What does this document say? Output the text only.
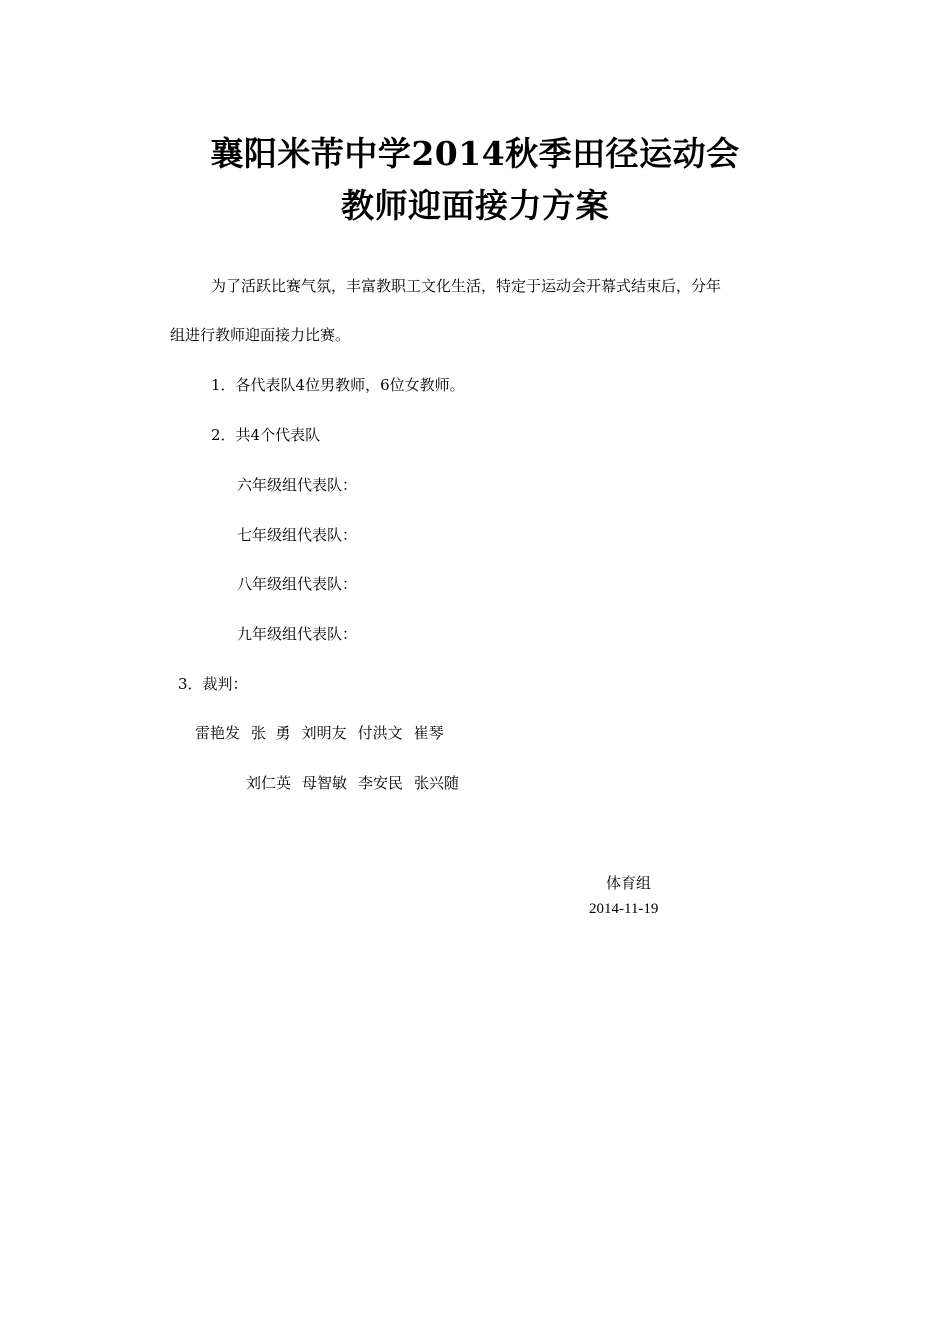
襄阳米芾中学2014秋季田径运动会
教师迎面接力方案
为了活跃比赛气氛，丰富教职工文化生活，特定于运动会开幕式结束后，分年
组进行教师迎面接力比赛。
1．各代表队4位男教师，6位女教师。
2．共4个代表队
六年级组代表队：
七年级组代表队：
八年级组代表队：
九年级组代表队：
3．裁判：
雷艳发 张  勇 刘明友 付洪文 崔琴
刘仁英 母智敏 李安民 张兴随
体育组
2014-11-19
